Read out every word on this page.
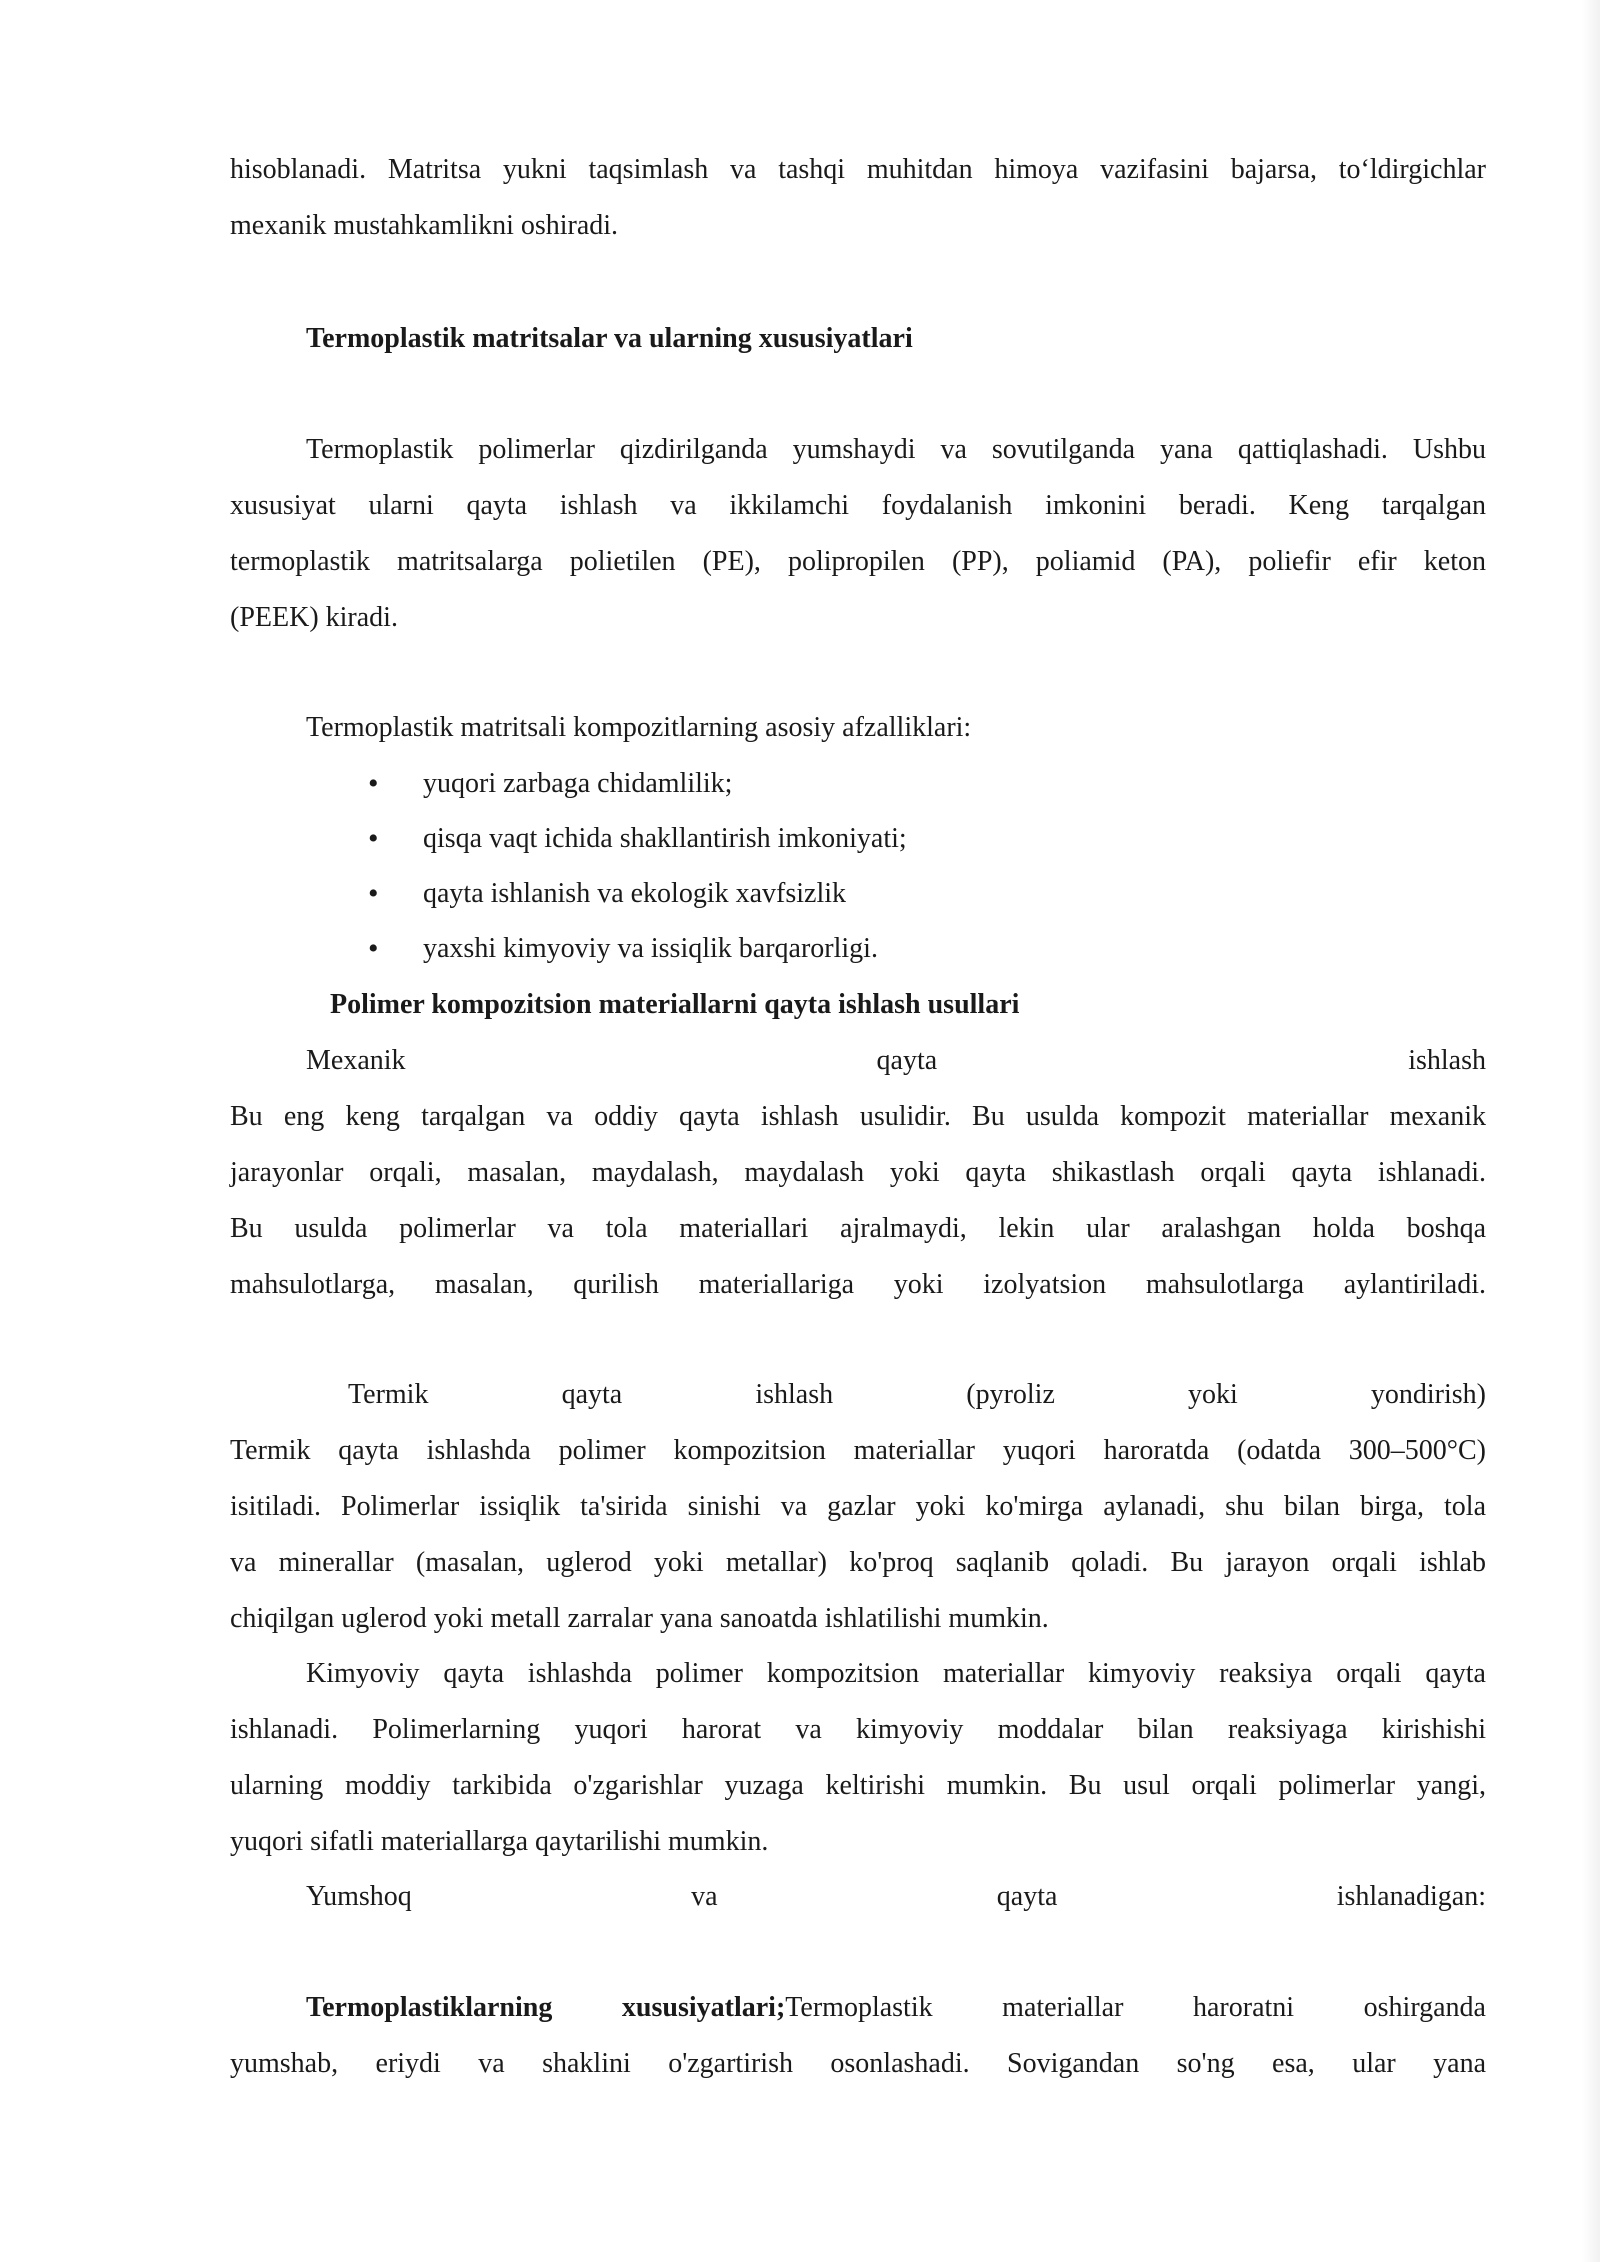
hisoblanadi. Matritsa yukni taqsimlash va tashqi muhitdan himoya vazifasini bajarsa, to‘ldirgichlar
mexanik mustahkamlikni oshiradi.
Termoplastik matritsalar va ularning xususiyatlari
Termoplastik polimerlar qizdirilganda yumshaydi va sovutilganda yana qattiqlashadi. Ushbu
xususiyat ularni qayta ishlash va ikkilamchi foydalanish imkonini beradi. Keng tarqalgan
termoplastik matritsalarga polietilen (PE), polipropilen (PP), poliamid (PA), poliefir efir keton
(PEEK) kiradi.
Termoplastik matritsali kompozitlarning asosiy afzalliklari:
• yuqori zarbaga chidamlilik;
• qisqa vaqt ichida shakllantirish imkoniyati;
• qayta ishlanish va ekologik xavfsizlik
• yaxshi kimyoviy va issiqlik barqarorligi.
Polimer kompozitsion materiallarni qayta ishlash usullari
Mexanik qayta ishlash
Bu eng keng tarqalgan va oddiy qayta ishlash usulidir. Bu usulda kompozit materiallar mexanik
jarayonlar orqali, masalan, maydalash, maydalash yoki qayta shikastlash orqali qayta ishlanadi.
Bu usulda polimerlar va tola materiallari ajralmaydi, lekin ular aralashgan holda boshqa
mahsulotlarga, masalan, qurilish materiallariga yoki izolyatsion mahsulotlarga aylantiriladi.
Termik qayta ishlash (pyroliz yoki yondirish)
Termik qayta ishlashda polimer kompozitsion materiallar yuqori haroratda (odatda 300–500°C)
isitiladi. Polimerlar issiqlik ta'sirida sinishi va gazlar yoki ko'mirga aylanadi, shu bilan birga, tola
va minerallar (masalan, uglerod yoki metallar) ko'proq saqlanib qoladi. Bu jarayon orqali ishlab
chiqilgan uglerod yoki metall zarralar yana sanoatda ishlatilishi mumkin.
Kimyoviy qayta ishlashda polimer kompozitsion materiallar kimyoviy reaksiya orqali qayta
ishlanadi. Polimerlarning yuqori harorat va kimyoviy moddalar bilan reaksiyaga kirishishi
ularning moddiy tarkibida o'zgarishlar yuzaga keltirishi mumkin. Bu usul orqali polimerlar yangi,
yuqori sifatli materiallarga qaytarilishi mumkin.
Yumshoq va qayta ishlanadigan:
Termoplastiklarning xususiyatlari;Termoplastik materiallar haroratni oshirganda
yumshab, eriydi va shaklini o'zgartirish osonlashadi. Sovigandan so'ng esa, ular yana
